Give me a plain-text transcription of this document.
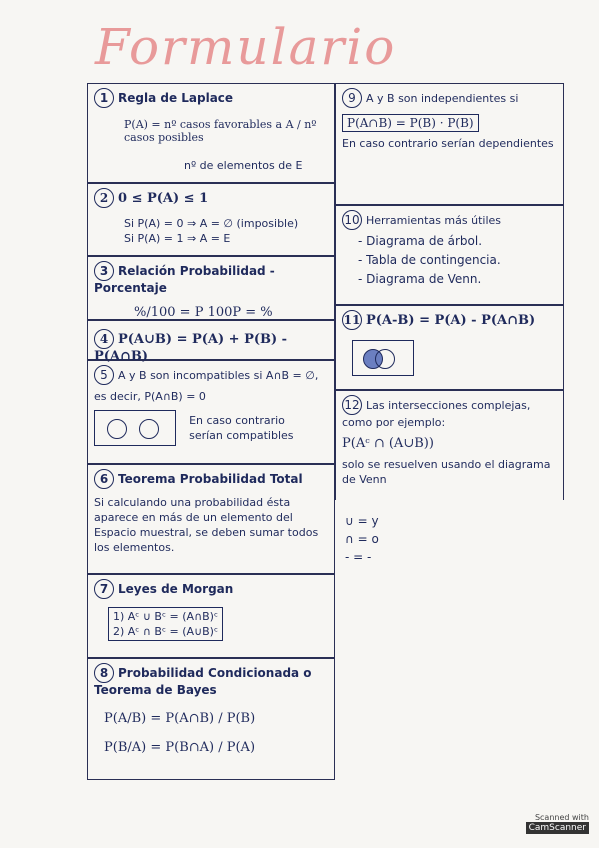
Formulario
1 Regla de Laplace
P(A) = nº casos favorables a A / nº casos posibles
nº de elementos de E
2 0 ≤ P(A) ≤ 1
Si P(A) = 0 ⇒ A = ∅ (imposible)
Si P(A) = 1 ⇒ A = E
3 Relación Probabilidad - Porcentaje
%/100 = P 100P = %
4 P(A∪B) = P(A) + P(B) - P(A∩B)
5 A y B son incompatibles si A∩B = ∅,
es decir, P(A∩B) = 0
En caso contrario serían compatibles
6 Teorema Probabilidad Total
Si calculando una probabilidad ésta aparece en más de un elemento del Espacio muestral, se deben sumar todos los elementos.
7 Leyes de Morgan
1) Aᶜ ∪ Bᶜ = (A∩B)ᶜ
2) Aᶜ ∩ Bᶜ = (A∪B)ᶜ
8 Probabilidad Condicionada o Teorema de Bayes
P(A/B) = P(A∩B) / P(B)
P(B/A) = P(B∩A) / P(A)
9 A y B son independientes si
P(A∩B) = P(B) · P(B)
En caso contrario serían dependientes
10 Herramientas más útiles
- Diagrama de árbol.
- Tabla de contingencia.
- Diagrama de Venn.
11 P(A-B) = P(A) - P(A∩B)
12 Las intersecciones complejas, como por ejemplo:
P(Aᶜ ∩ (A∪B))
solo se resuelven usando el diagrama de Venn
∪ = y
∩ = o
- = -
Scanned with
CamScanner
